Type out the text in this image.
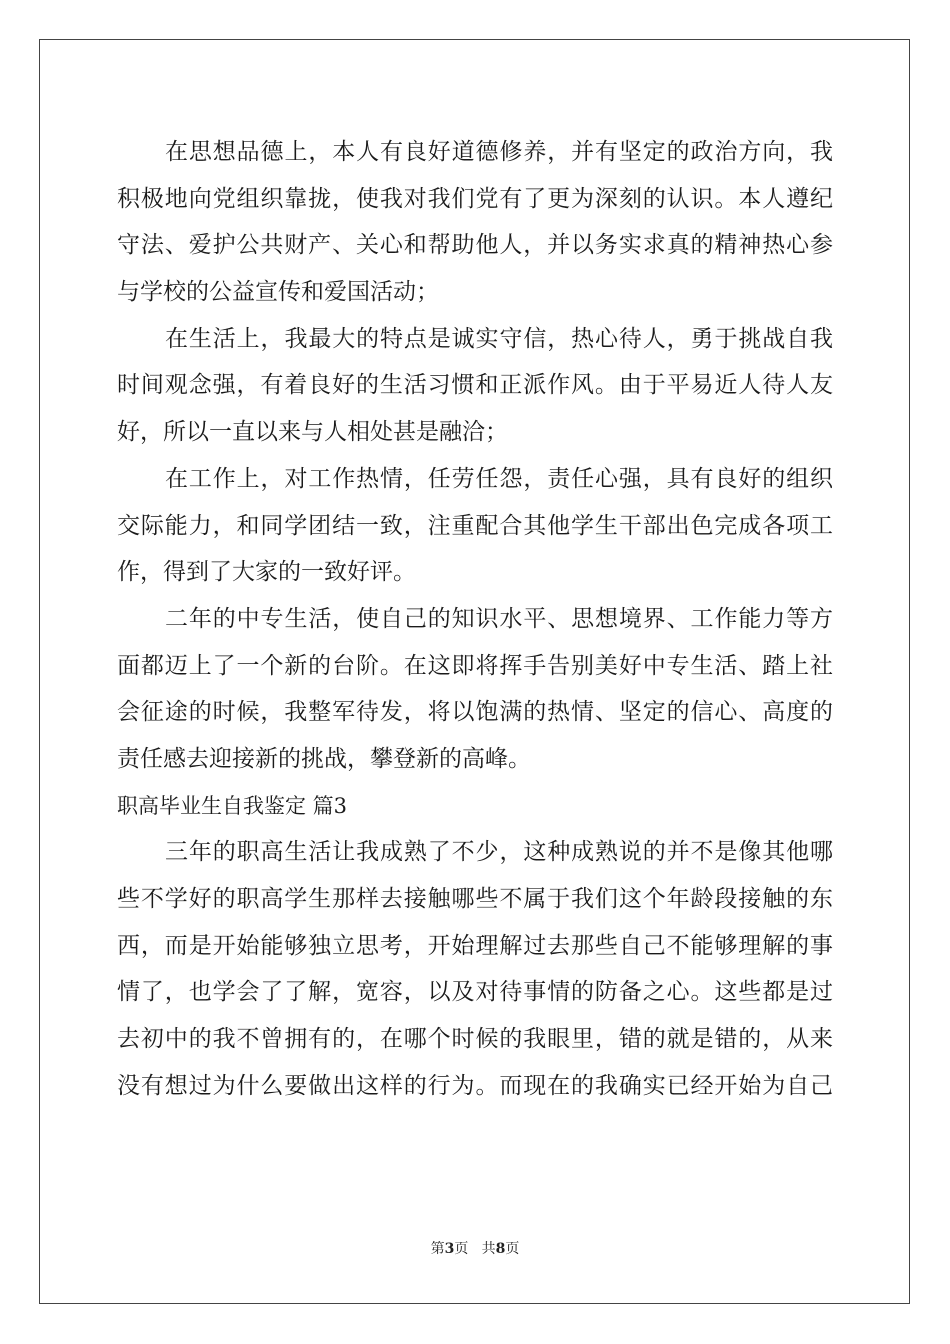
在思想品德上，本人有良好道德修养，并有坚定的政治方向，我
积极地向党组织靠拢，使我对我们党有了更为深刻的认识。本人遵纪
守法、爱护公共财产、关心和帮助他人，并以务实求真的精神热心参
与学校的公益宣传和爱国活动；
在生活上，我最大的特点是诚实守信，热心待人，勇于挑战自我
时间观念强，有着良好的生活习惯和正派作风。由于平易近人待人友
好，所以一直以来与人相处甚是融洽；
在工作上，对工作热情，任劳任怨，责任心强，具有良好的组织
交际能力，和同学团结一致，注重配合其他学生干部出色完成各项工
作，得到了大家的一致好评。
二年的中专生活，使自己的知识水平、思想境界、工作能力等方
面都迈上了一个新的台阶。在这即将挥手告别美好中专生活、踏上社
会征途的时候，我整军待发，将以饱满的热情、坚定的信心、高度的
责任感去迎接新的挑战，攀登新的高峰。
职高毕业生自我鉴定 篇3
三年的职高生活让我成熟了不少，这种成熟说的并不是像其他哪
些不学好的职高学生那样去接触哪些不属于我们这个年龄段接触的东
西，而是开始能够独立思考，开始理解过去那些自己不能够理解的事
情了，也学会了了解，宽容，以及对待事情的防备之心。这些都是过
去初中的我不曾拥有的，在哪个时候的我眼里，错的就是错的，从来
没有想过为什么要做出这样的行为。而现在的我确实已经开始为自己
第3页 共8页
